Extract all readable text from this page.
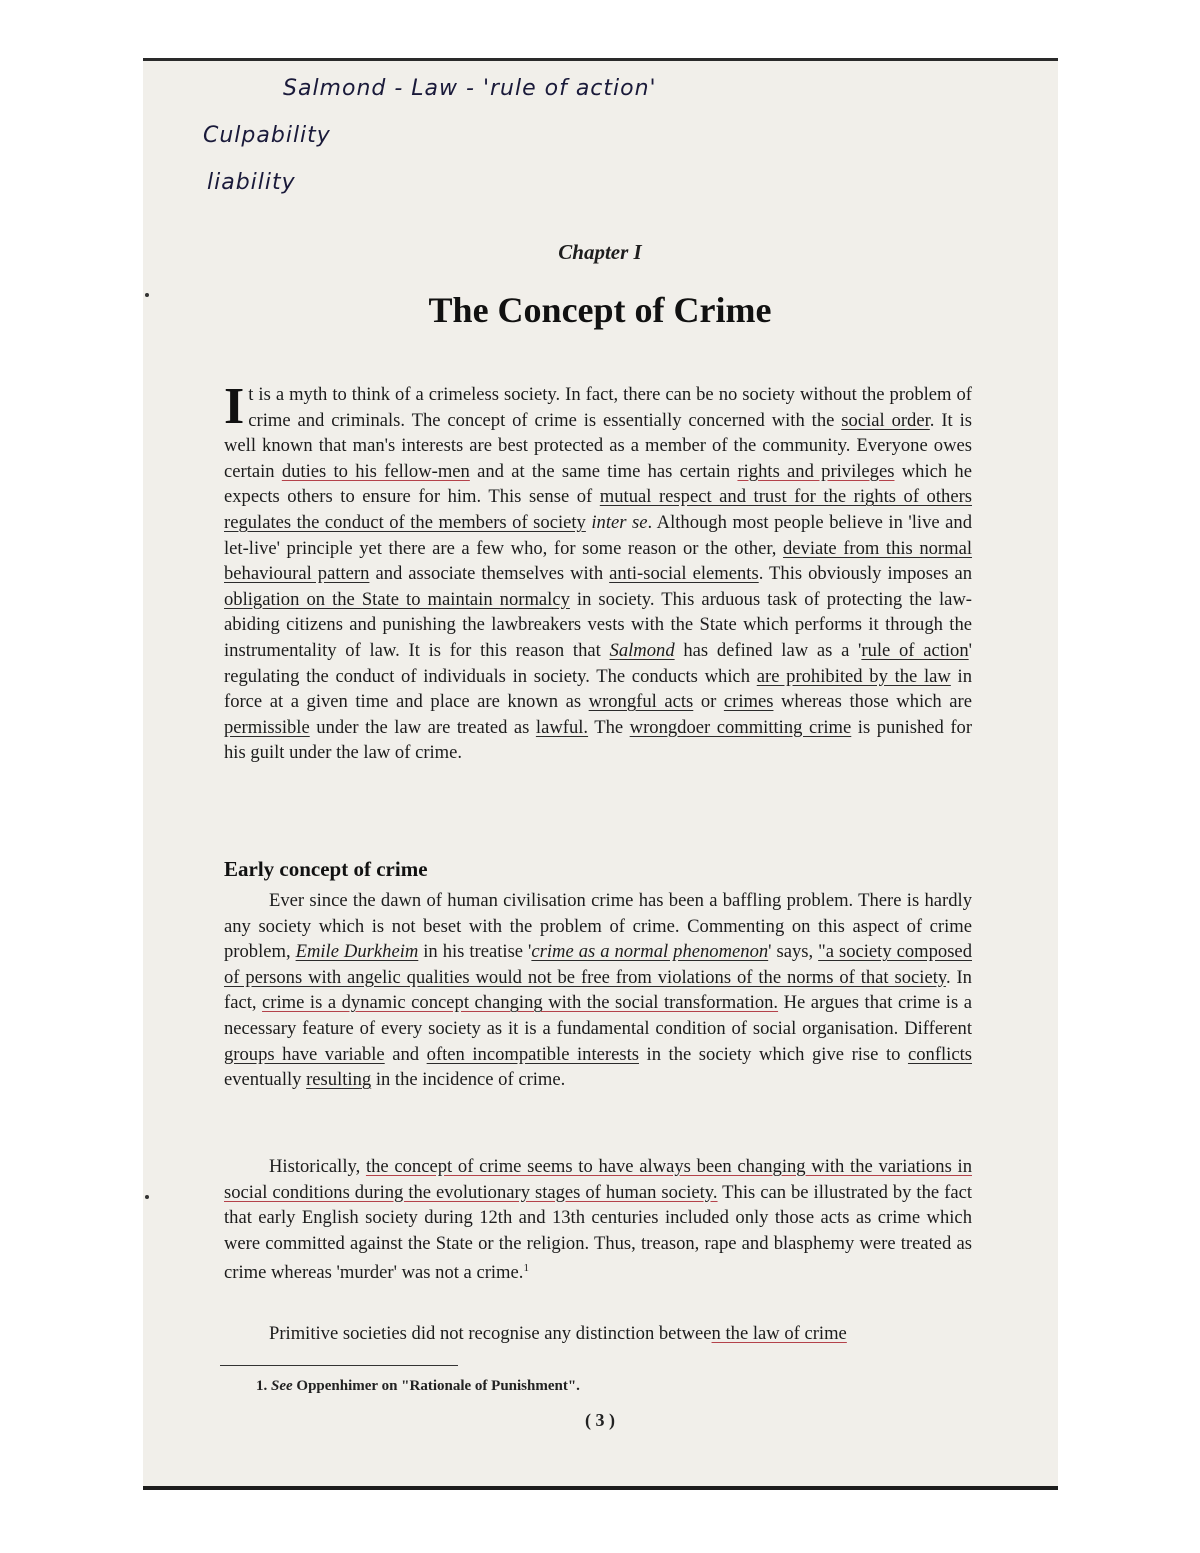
Salmond - Law - 'rule of action'
Culpability
liability
Chapter I
The Concept of Crime

It is a myth to think of a crimeless society. In fact, there can be no society without the problem of crime and criminals. The concept of crime is essentially concerned with the social order. It is well known that man's interests are best protected as a member of the community. Everyone owes certain duties to his fellow-men and at the same time has certain rights and privileges which he expects others to ensure for him. This sense of mutual respect and trust for the rights of others regulates the conduct of the members of society inter se. Although most people believe in 'live and let-live' principle yet there are a few who, for some reason or the other, deviate from this normal behavioural pattern and associate themselves with anti-social elements. This obviously imposes an obligation on the State to maintain normalcy in society. This arduous task of protecting the law-abiding citizens and punishing the lawbreakers vests with the State which performs it through the instrumentality of law. It is for this reason that Salmond has defined law as a 'rule of action' regulating the conduct of individuals in society. The conducts which are prohibited by the law in force at a given time and place are known as wrongful acts or crimes whereas those which are permissible under the law are treated as lawful. The wrongdoer committing crime is punished for his guilt under the law of crime.

Early concept of crime

Ever since the dawn of human civilisation crime has been a baffling problem. There is hardly any society which is not beset with the problem of crime. Commenting on this aspect of crime problem, Emile Durkheim in his treatise 'crime as a normal phenomenon' says, "a society composed of persons with angelic qualities would not be free from violations of the norms of that society. In fact, crime is a dynamic concept changing with the social transformation. He argues that crime is a necessary feature of every society as it is a fundamental condition of social organisation. Different groups have variable and often incompatible interests in the society which give rise to conflicts eventually resulting in the incidence of crime.

Historically, the concept of crime seems to have always been changing with the variations in social conditions during the evolutionary stages of human society. This can be illustrated by the fact that early English society during 12th and 13th centuries included only those acts as crime which were committed against the State or the religion. Thus, treason, rape and blasphemy were treated as crime whereas 'murder' was not a crime.$^1$

Primitive societies did not recognise any distinction between the law of crime

1. See Oppenhimer on "Rationale of Punishment".
( 3 )
